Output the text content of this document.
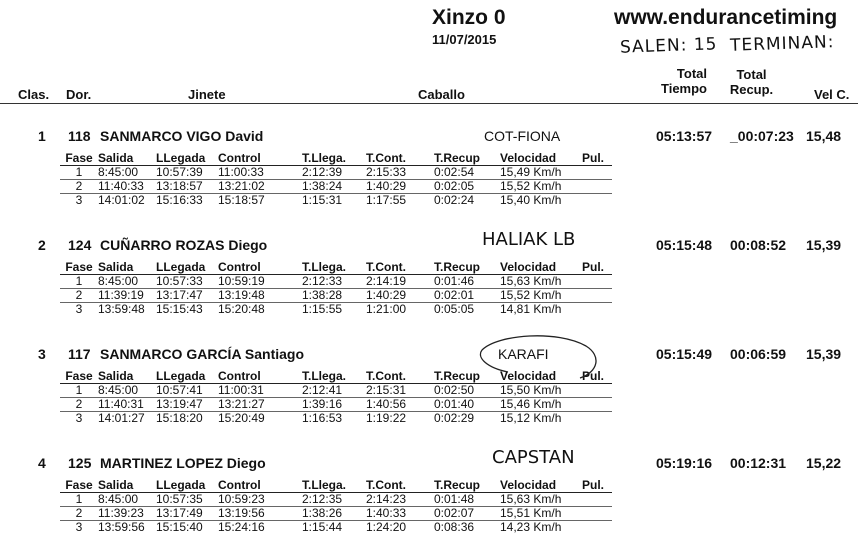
Xinzo 0
11/07/2015
www.endurancetiming
SALEN: 15 TERMINAN:
Clas. Dor.	Jinete	Caballo
Total
Tiempo
Total
Recup.	Vel C.
1 118 SANMARCO VIGO David	COT-FIONA	05:13:57 _00:07:23 15,48
Fase	Salida	LLegada	Control	T.Llega.	T.Cont.	T.Recup	Velocidad	Pul.
1	8:45:00	10:57:39	11:00:33	2:12:39	2:15:33	0:02:54	15,49 Km/h	
2	11:40:33	13:18:57	13:21:02	1:38:24	1:40:29	0:02:05	15,52 Km/h	
3	14:01:02	15:16:33	15:18:57	1:15:31	1:17:55	0:02:24	15,40 Km/h	
2 124 CUÑARRO ROZAS Diego	HALIAK LB	05:15:48 00:08:52 15,39
Fase	Salida	LLegada	Control	T.Llega.	T.Cont.	T.Recup	Velocidad	Pul.
1	8:45:00	10:57:33	10:59:19	2:12:33	2:14:19	0:01:46	15,63 Km/h	
2	11:39:19	13:17:47	13:19:48	1:38:28	1:40:29	0:02:01	15,52 Km/h	
3	13:59:48	15:15:43	15:20:48	1:15:55	1:21:00	0:05:05	14,81 Km/h	
3 117 SANMARCO GARCÍA Santiago	KARAFI	05:15:49 00:06:59 15,39
Fase	Salida	LLegada	Control	T.Llega.	T.Cont.	T.Recup	Velocidad	Pul.
1	8:45:00	10:57:41	11:00:31	2:12:41	2:15:31	0:02:50	15,50 Km/h	
2	11:40:31	13:19:47	13:21:27	1:39:16	1:40:56	0:01:40	15,46 Km/h	
3	14:01:27	15:18:20	15:20:49	1:16:53	1:19:22	0:02:29	15,12 Km/h	
4 125 MARTINEZ LOPEZ Diego	CAPSTAN	05:19:16 00:12:31 15,22
Fase	Salida	LLegada	Control	T.Llega.	T.Cont.	T.Recup	Velocidad	Pul.
1	8:45:00	10:57:35	10:59:23	2:12:35	2:14:23	0:01:48	15,63 Km/h	
2	11:39:23	13:17:49	13:19:56	1:38:26	1:40:33	0:02:07	15,51 Km/h	
3	13:59:56	15:15:40	15:24:16	1:15:44	1:24:20	0:08:36	14,23 Km/h	
